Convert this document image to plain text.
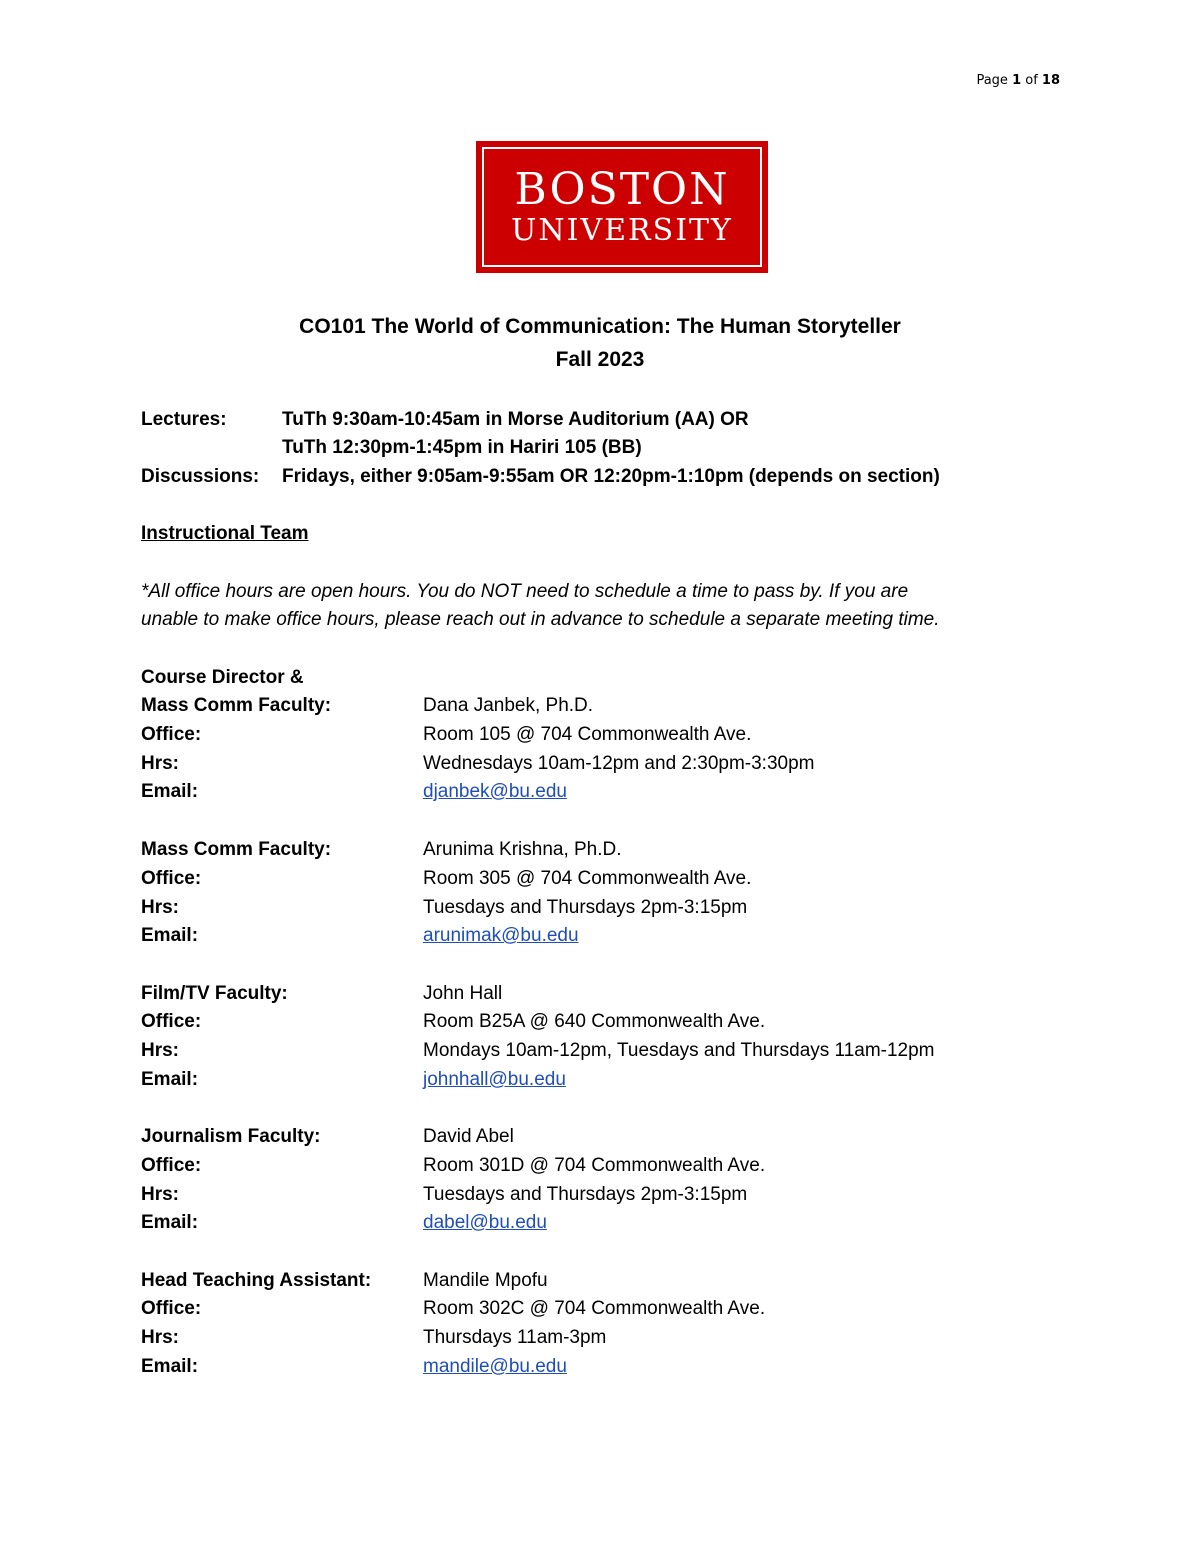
Page 1 of 18
BOSTON
UNIVERSITY
CO101 The World of Communication: The Human Storyteller
Fall 2023
Lectures:	TuTh 9:30am-10:45am in Morse Auditorium (AA) OR
TuTh 12:30pm-1:45pm in Hariri 105 (BB)
Discussions: Fridays, either 9:05am-9:55am OR 12:20pm-1:10pm (depends on section)
Instructional Team
*All office hours are open hours. You do NOT need to schedule a time to pass by. If you are
unable to make office hours, please reach out in advance to schedule a separate meeting time.
Course Director &
Mass Comm Faculty:	Dana Janbek, Ph.D.
Office:	Room 105 @ 704 Commonwealth Ave.
Hrs:	Wednesdays 10am-12pm and 2:30pm-3:30pm
Email:	djanbek@bu.edu
Mass Comm Faculty:	Arunima Krishna, Ph.D.
Office:	Room 305 @ 704 Commonwealth Ave.
Hrs:	Tuesdays and Thursdays 2pm-3:15pm
Email:	arunimak@bu.edu
Film/TV Faculty:	John Hall
Office:	Room B25A @ 640 Commonwealth Ave.
Hrs:	Mondays 10am-12pm, Tuesdays and Thursdays 11am-12pm
Email:	johnhall@bu.edu
Journalism Faculty:	David Abel
Office:	Room 301D @ 704 Commonwealth Ave.
Hrs:	Tuesdays and Thursdays 2pm-3:15pm
Email:	dabel@bu.edu
Head Teaching Assistant:	Mandile Mpofu
Office:	Room 302C @ 704 Commonwealth Ave.
Hrs:	Thursdays 11am-3pm
Email:	mandile@bu.edu
